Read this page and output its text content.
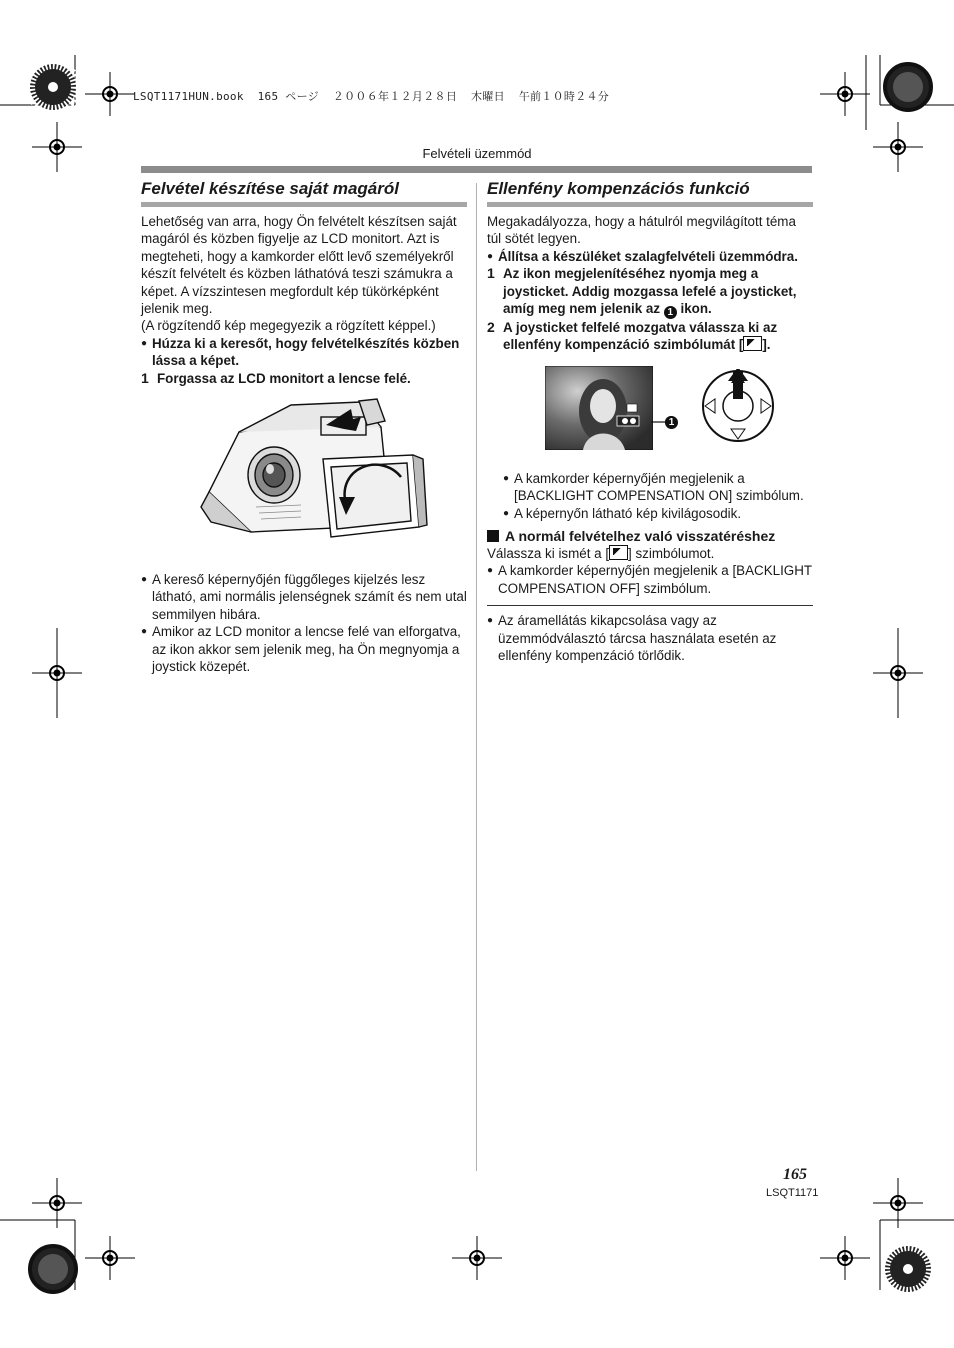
LSQT1171HUN.book  165 ページ  ２００６年１２月２８日  木曜日  午前１０時２４分
Felvételi üzemmód
Felvétel készítése saját magáról

Lehetőség van arra, hogy Ön felvételt készítsen saját magáról és közben figyelje az LCD monitort. Azt is megteheti, hogy a kamkorder előtt levő személyekről készít felvételt és közben láthatóvá teszi számukra a képet. A vízszintesen megfordult kép tükörképként jelenik meg.

(A rögzítendő kép megegyezik a rögzített képpel.)

● Húzza ki a keresőt, hogy felvételkészítés közben lássa a képet.
1 Forgassa az LCD monitort a lencse felé.
● A kereső képernyőjén függőleges kijelzés lesz látható, ami normális jelenségnek számít és nem utal semmilyen hibára.
● Amikor az LCD monitor a lencse felé van elforgatva, az ikon akkor sem jelenik meg, ha Ön megnyomja a joystick közepét.
Ellenfény kompenzációs funkció

Megakadályozza, hogy a hátulról megvilágított téma túl sötét legyen.

● Állítsa a készüléket szalagfelvételi üzemmódra.
1 Az ikon megjelenítéséhez nyomja meg a joysticket. Addig mozgassa lefelé a joysticket, amíg meg nem jelenik az 1 ikon.
2 A joysticket felfelé mozgatva válassza ki az ellenfény kompenzáció szimbólumát [ ].
1
● A kamkorder képernyőjén megjelenik a [BACKLIGHT COMPENSATION ON] szimbólum.
● A képernyőn látható kép kivilágosodik.
A normál felvételhez való visszatéréshez

Válassza ki ismét a [ ] szimbólumot.

● A kamkorder képernyőjén megjelenik a [BACKLIGHT COMPENSATION OFF] szimbólum.
● Az áramellátás kikapcsolása vagy az üzemmódválasztó tárcsa használata esetén az ellenfény kompenzáció törlődik.
165
LSQT1171
